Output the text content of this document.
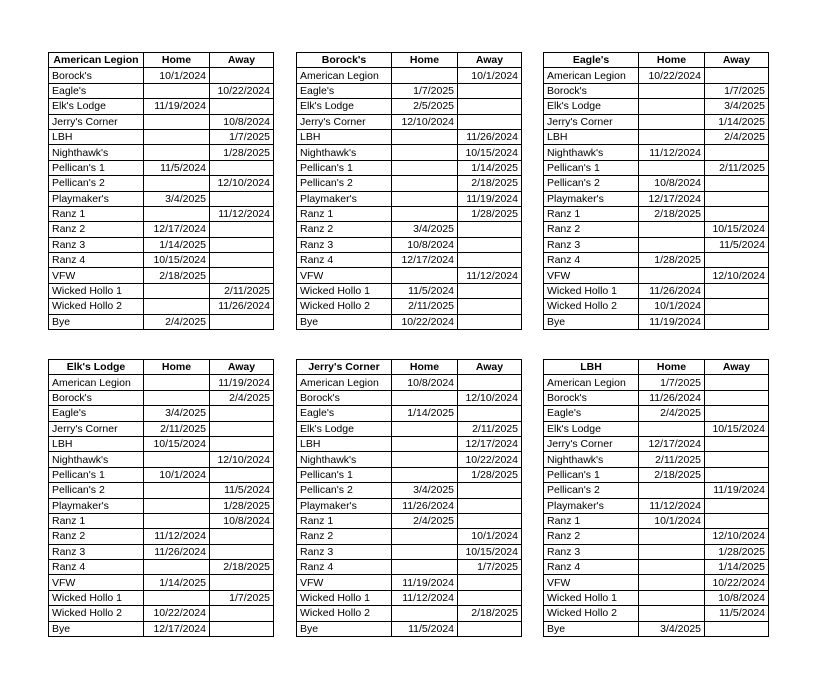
American Legion	Home	Away
Borock's	10/1/2024	
Eagle's		10/22/2024
Elk's Lodge	11/19/2024	
Jerry's Corner		10/8/2024
LBH		1/7/2025
Nighthawk's		1/28/2025
Pellican's 1	11/5/2024	
Pellican's 2		12/10/2024
Playmaker's	3/4/2025	
Ranz 1		11/12/2024
Ranz 2	12/17/2024	
Ranz 3	1/14/2025	
Ranz 4	10/15/2024	
VFW	2/18/2025	
Wicked Hollo 1		2/11/2025
Wicked Hollo 2		11/26/2024
Bye	2/4/2025	
Borock's	Home	Away
American Legion		10/1/2024
Eagle's	1/7/2025	
Elk's Lodge	2/5/2025	
Jerry's Corner	12/10/2024	
LBH		11/26/2024
Nighthawk's		10/15/2024
Pellican's 1		1/14/2025
Pellican's 2		2/18/2025
Playmaker's		11/19/2024
Ranz 1		1/28/2025
Ranz 2	3/4/2025	
Ranz 3	10/8/2024	
Ranz 4	12/17/2024	
VFW		11/12/2024
Wicked Hollo 1	11/5/2024	
Wicked Hollo 2	2/11/2025	
Bye	10/22/2024	
Eagle's	Home	Away
American Legion	10/22/2024	
Borock's		1/7/2025
Elk's Lodge		3/4/2025
Jerry's Corner		1/14/2025
LBH		2/4/2025
Nighthawk's	11/12/2024	
Pellican's 1		2/11/2025
Pellican's 2	10/8/2024	
Playmaker's	12/17/2024	
Ranz 1	2/18/2025	
Ranz 2		10/15/2024
Ranz 3		11/5/2024
Ranz 4	1/28/2025	
VFW		12/10/2024
Wicked Hollo 1	11/26/2024	
Wicked Hollo 2	10/1/2024	
Bye	11/19/2024	
Elk's Lodge	Home	Away
American Legion		11/19/2024
Borock's		2/4/2025
Eagle's	3/4/2025	
Jerry's Corner	2/11/2025	
LBH	10/15/2024	
Nighthawk's		12/10/2024
Pellican's 1	10/1/2024	
Pellican's 2		11/5/2024
Playmaker's		1/28/2025
Ranz 1		10/8/2024
Ranz 2	11/12/2024	
Ranz 3	11/26/2024	
Ranz 4		2/18/2025
VFW	1/14/2025	
Wicked Hollo 1		1/7/2025
Wicked Hollo 2	10/22/2024	
Bye	12/17/2024	
Jerry's Corner	Home	Away
American Legion	10/8/2024	
Borock's		12/10/2024
Eagle's	1/14/2025	
Elk's Lodge		2/11/2025
LBH		12/17/2024
Nighthawk's		10/22/2024
Pellican's 1		1/28/2025
Pellican's 2	3/4/2025	
Playmaker's	11/26/2024	
Ranz 1	2/4/2025	
Ranz 2		10/1/2024
Ranz 3		10/15/2024
Ranz 4		1/7/2025
VFW	11/19/2024	
Wicked Hollo 1	11/12/2024	
Wicked Hollo 2		2/18/2025
Bye	11/5/2024	
LBH	Home	Away
American Legion	1/7/2025	
Borock's	11/26/2024	
Eagle's	2/4/2025	
Elk's Lodge		10/15/2024
Jerry's Corner	12/17/2024	
Nighthawk's	2/11/2025	
Pellican's 1	2/18/2025	
Pellican's 2		11/19/2024
Playmaker's	11/12/2024	
Ranz 1	10/1/2024	
Ranz 2		12/10/2024
Ranz 3		1/28/2025
Ranz 4		1/14/2025
VFW		10/22/2024
Wicked Hollo 1		10/8/2024
Wicked Hollo 2		11/5/2024
Bye	3/4/2025	
